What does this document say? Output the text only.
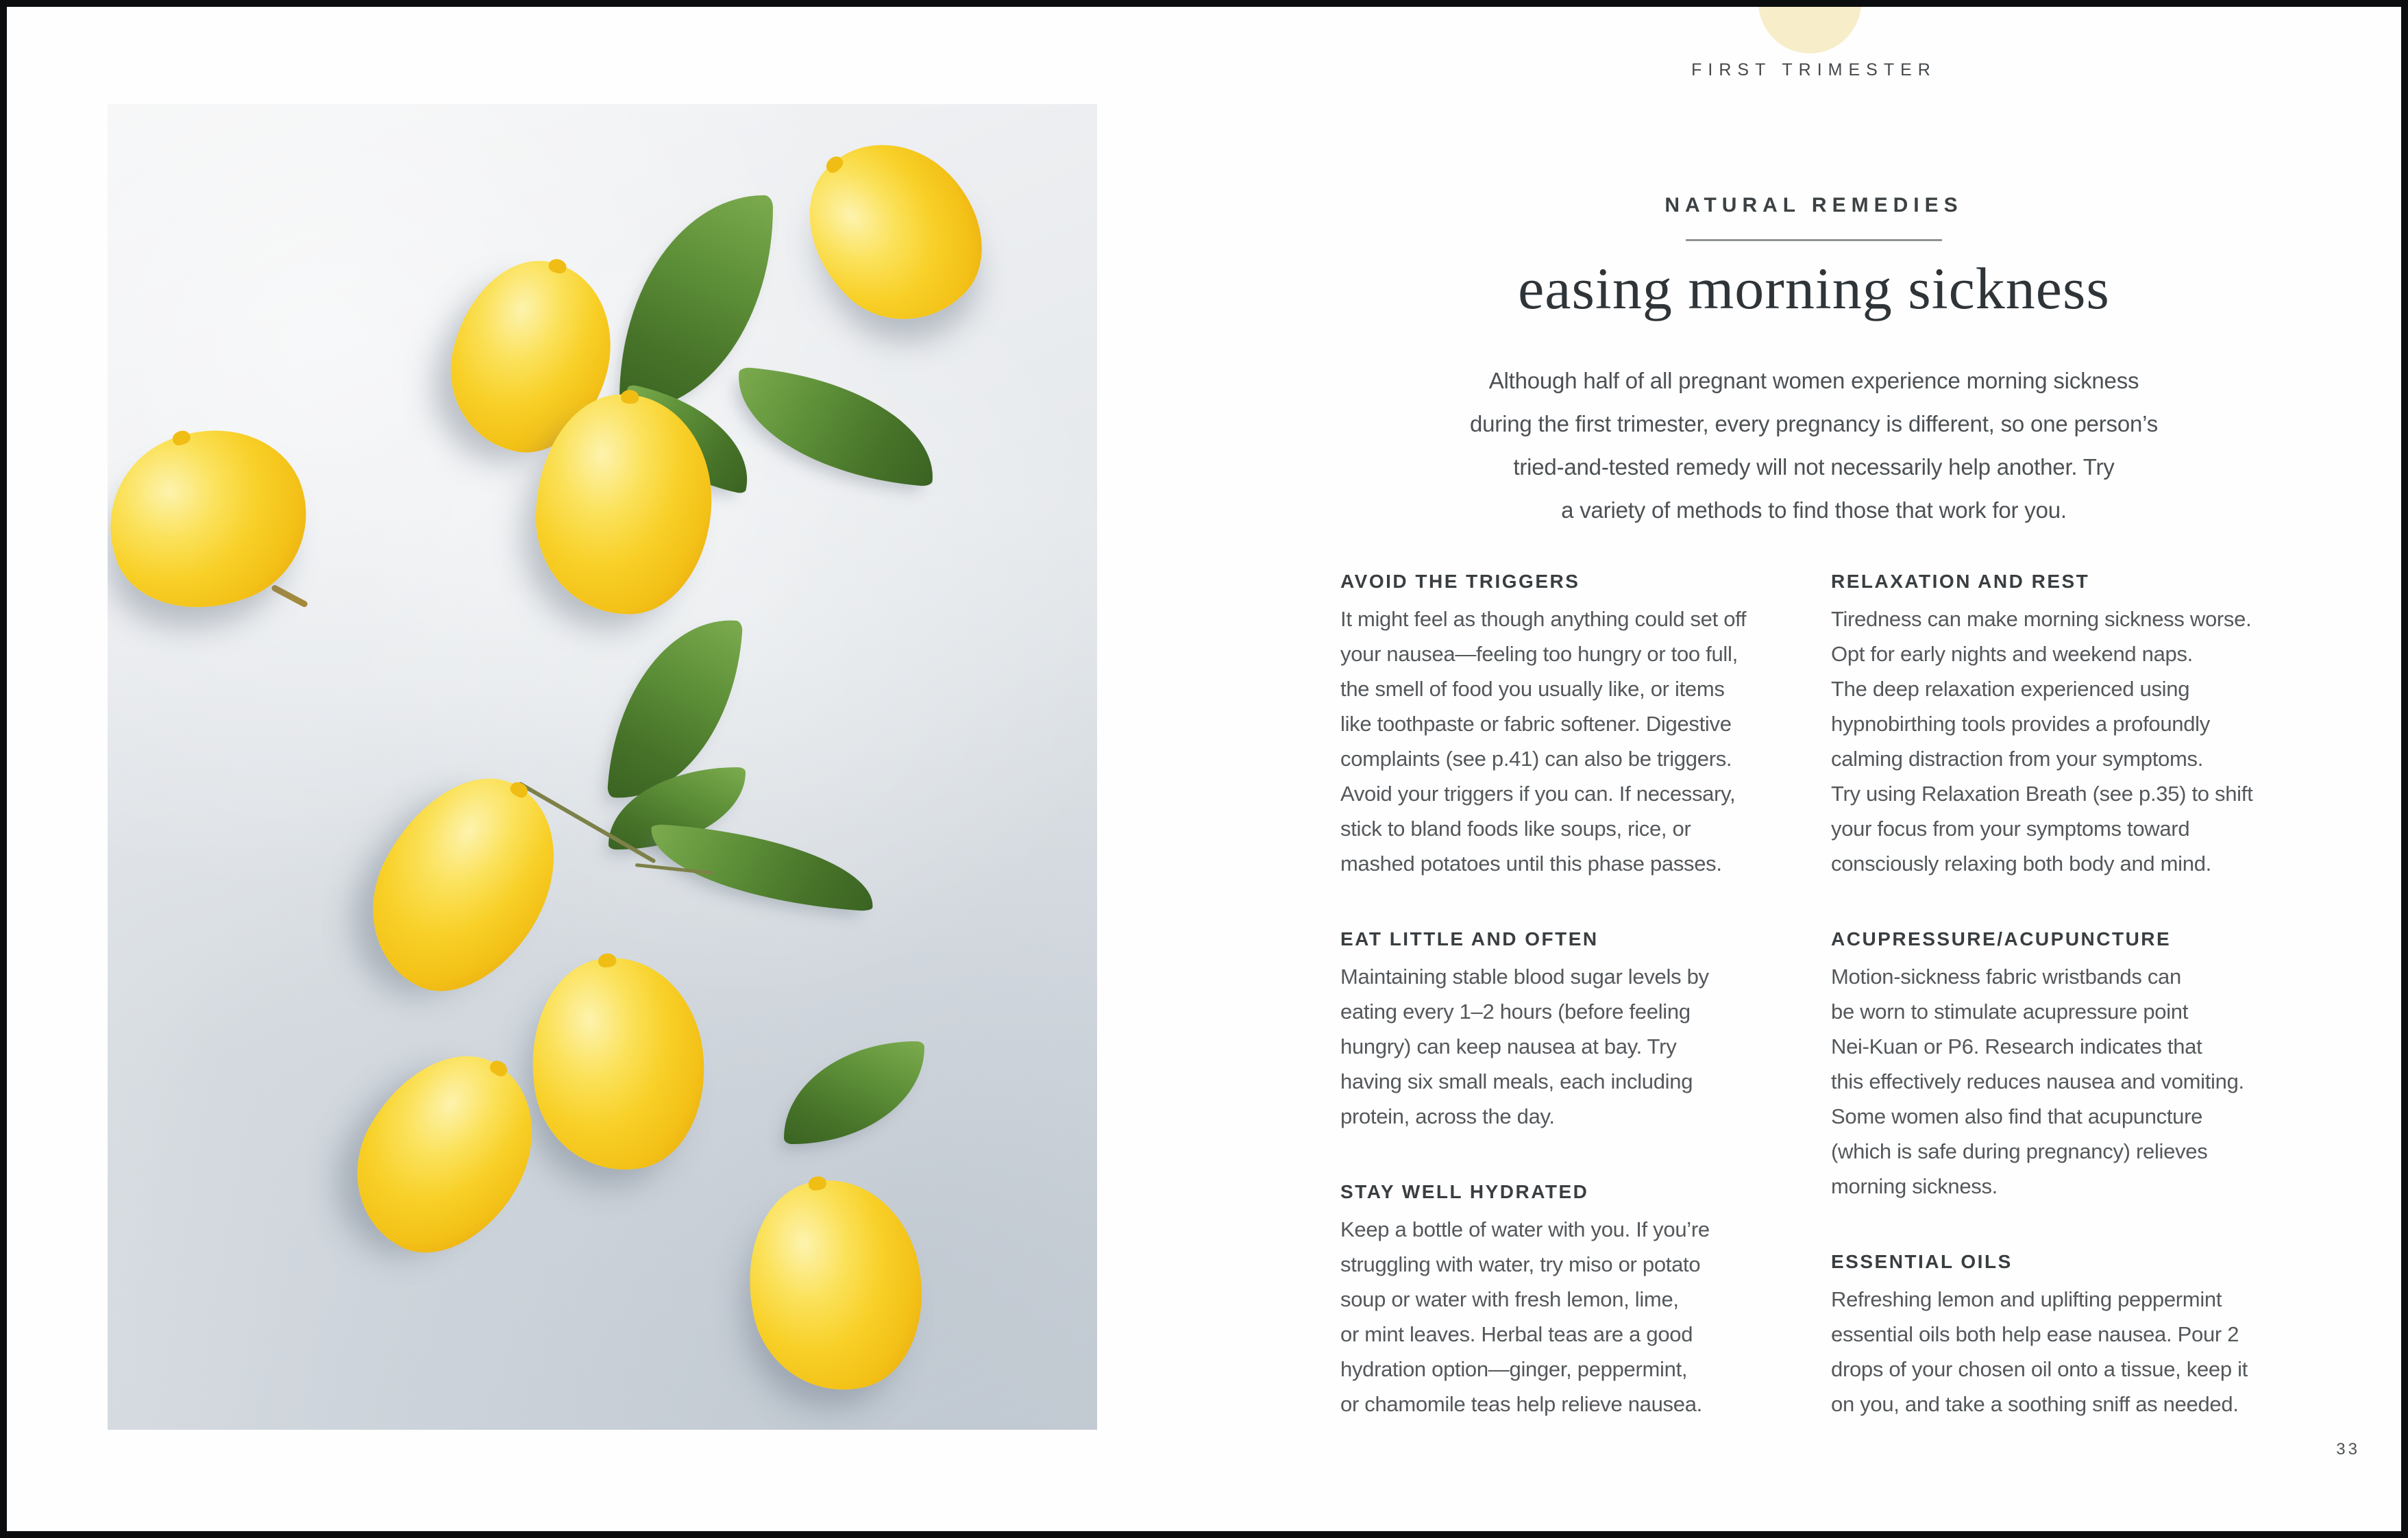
FIRST TRIMESTER
NATURAL REMEDIES
easing morning sickness
Although half of all pregnant women experience morning sickness
during the first trimester, every pregnancy is different, so one person’s
tried-and-tested remedy will not necessarily help another. Try
a variety of methods to find those that work for you.
AVOID THE TRIGGERS
It might feel as though anything could set off
your nausea—feeling too hungry or too full,
the smell of food you usually like, or items
like toothpaste or fabric softener. Digestive
complaints (see p.41) can also be triggers.
Avoid your triggers if you can. If necessary,
stick to bland foods like soups, rice, or
mashed potatoes until this phase passes.
EAT LITTLE AND OFTEN
Maintaining stable blood sugar levels by
eating every 1–2 hours (before feeling
hungry) can keep nausea at bay. Try
having six small meals, each including
protein, across the day.
STAY WELL HYDRATED
Keep a bottle of water with you. If you’re
struggling with water, try miso or potato
soup or water with fresh lemon, lime,
or mint leaves. Herbal teas are a good
hydration option—ginger, peppermint,
or chamomile teas help relieve nausea.
RELAXATION AND REST
Tiredness can make morning sickness worse.
Opt for early nights and weekend naps.
The deep relaxation experienced using
hypnobirthing tools provides a profoundly
calming distraction from your symptoms.
Try using Relaxation Breath (see p.35) to shift
your focus from your symptoms toward
consciously relaxing both body and mind.
ACUPRESSURE/ACUPUNCTURE
Motion-sickness fabric wristbands can
be worn to stimulate acupressure point
Nei-Kuan or P6. Research indicates that
this effectively reduces nausea and vomiting.
Some women also find that acupuncture
(which is safe during pregnancy) relieves
morning sickness.
ESSENTIAL OILS
Refreshing lemon and uplifting peppermint
essential oils both help ease nausea. Pour 2
drops of your chosen oil onto a tissue, keep it
on you, and take a soothing sniff as needed.
33
